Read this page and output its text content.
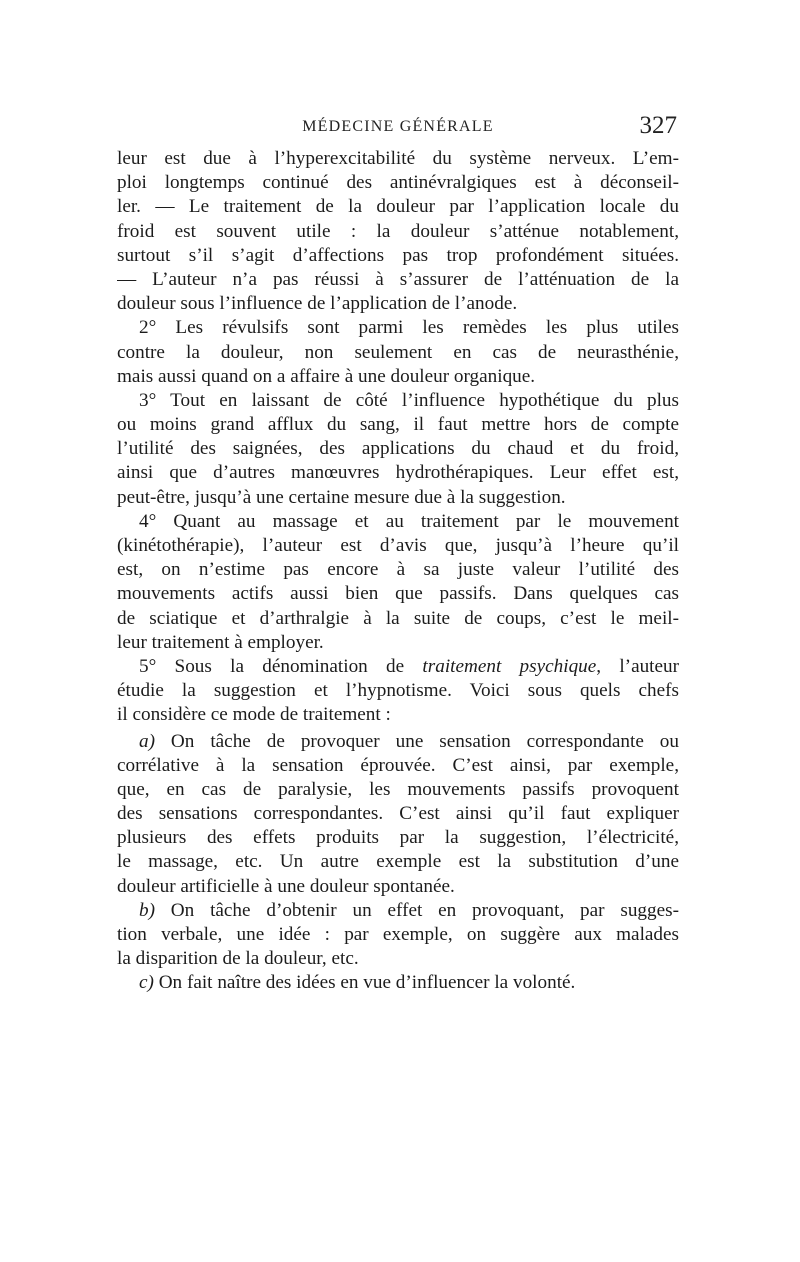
MÉDECINE GÉNÉRALE	327
leur est due à l’hyperexcitabilité du système nerveux. L’em-
ploi longtemps continué des antinévralgiques est à déconseil-
ler. — Le traitement de la douleur par l’application locale du
froid est souvent utile : la douleur s’atténue notablement,
surtout s’il s’agit d’affections pas trop profondément situées.
— L’auteur n’a pas réussi à s’assurer de l’atténuation de la
douleur sous l’influence de l’application de l’anode.
2° Les révulsifs sont parmi les remèdes les plus utiles
contre la douleur, non seulement en cas de neurasthénie,
mais aussi quand on a affaire à une douleur organique.
3° Tout en laissant de côté l’influence hypothétique du plus
ou moins grand afflux du sang, il faut mettre hors de compte
l’utilité des saignées, des applications du chaud et du froid,
ainsi que d’autres manœuvres hydrothérapiques. Leur effet est,
peut-être, jusqu’à une certaine mesure due à la suggestion.
4° Quant au massage et au traitement par le mouvement
(kinétothérapie), l’auteur est d’avis que, jusqu’à l’heure qu’il
est, on n’estime pas encore à sa juste valeur l’utilité des
mouvements actifs aussi bien que passifs. Dans quelques cas
de sciatique et d’arthralgie à la suite de coups, c’est le meil-
leur traitement à employer.
5° Sous la dénomination de traitement psychique, l’auteur
étudie la suggestion et l’hypnotisme. Voici sous quels chefs
il considère ce mode de traitement :
a) On tâche de provoquer une sensation correspondante ou
corrélative à la sensation éprouvée. C’est ainsi, par exemple,
que, en cas de paralysie, les mouvements passifs provoquent
des sensations correspondantes. C’est ainsi qu’il faut expliquer
plusieurs des effets produits par la suggestion, l’électricité,
le massage, etc. Un autre exemple est la substitution d’une
douleur artificielle à une douleur spontanée.
b) On tâche d’obtenir un effet en provoquant, par sugges-
tion verbale, une idée : par exemple, on suggère aux malades
la disparition de la douleur, etc.
c) On fait naître des idées en vue d’influencer la volonté.
